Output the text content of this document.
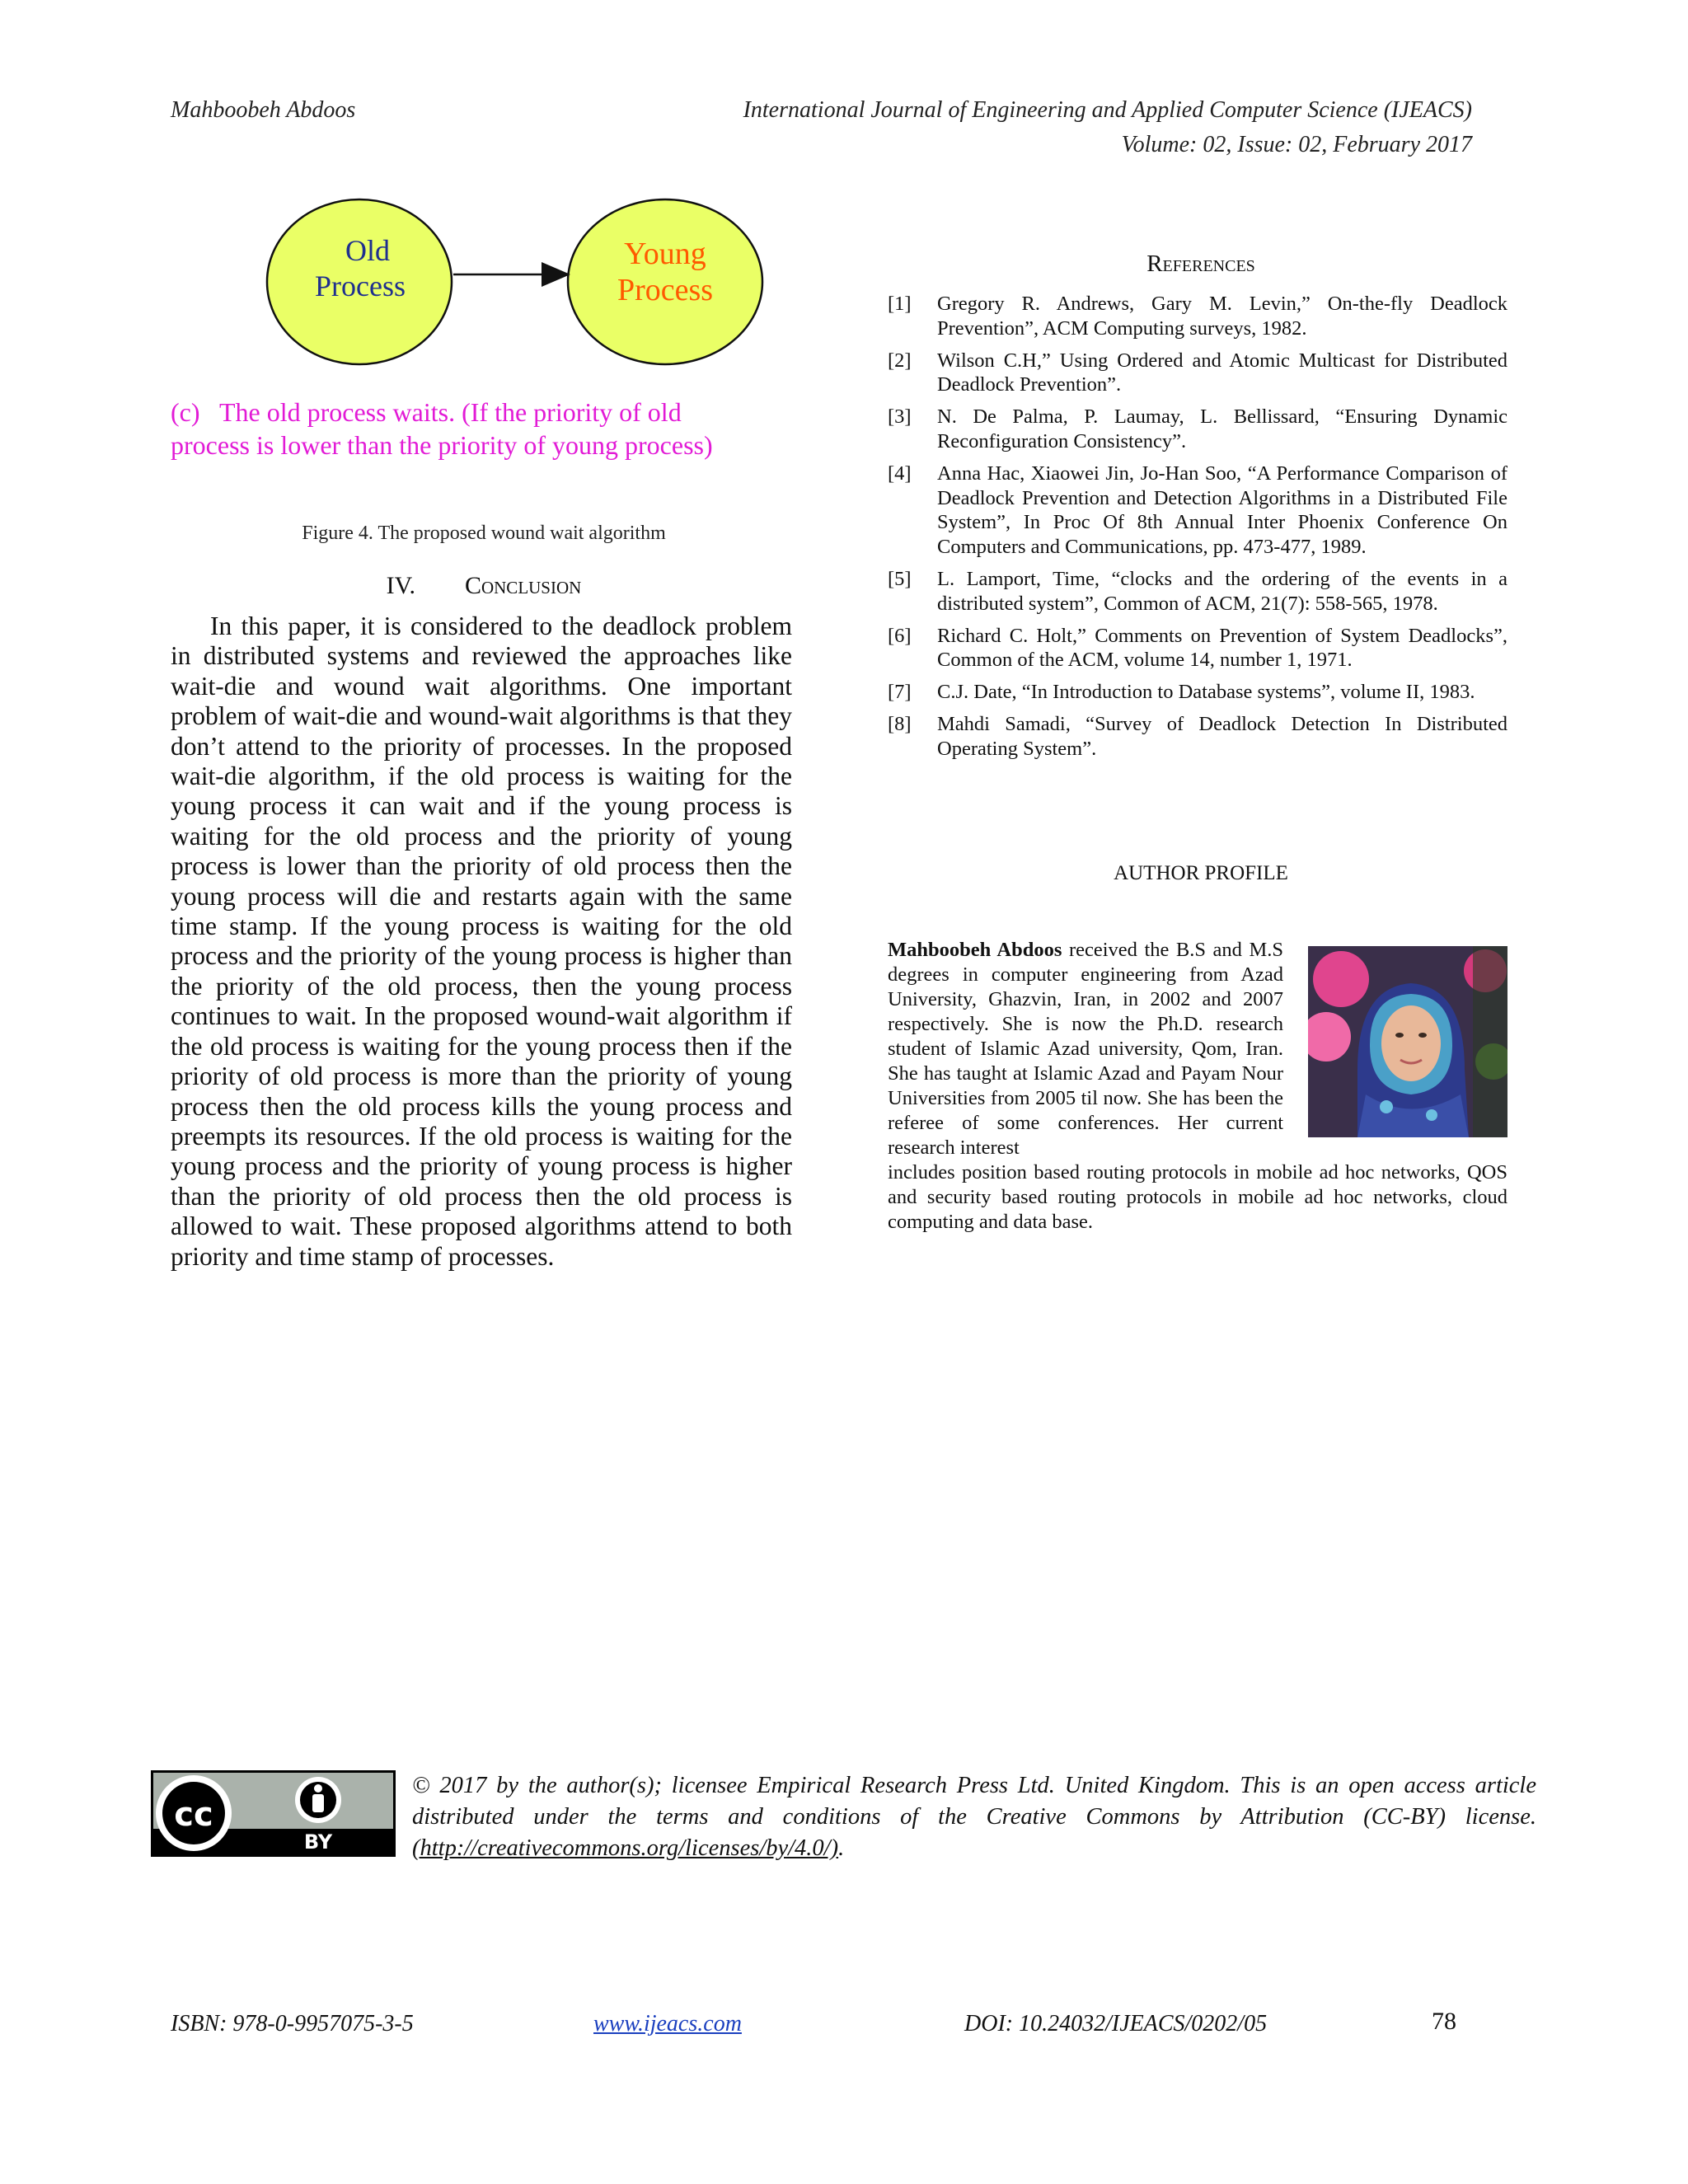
Mahboobeh Abdoos	International Journal of Engineering and Applied Computer Science (IJEACS)
Volume: 02, Issue: 02, February 2017
Old
Process
Young
Process
(c)   The old process waits. (If the priority of old
process is lower than the priority of young process)
Figure 4. The proposed wound wait algorithm
IV. Conclusion

In this paper, it is considered to the deadlock problem in distributed systems and reviewed the approaches like wait-die and wound wait algorithms. One important problem of wait-die and wound-wait algorithms is that they don’t attend to the priority of processes. In the proposed wait-die algorithm, if the old process is waiting for the young process it can wait and if the young process is waiting for the old process and the priority of young process is lower than the priority of old process then the young process will die and restarts again with the same time stamp. If the young process is waiting for the old process and the priority of the young process is higher than the priority of the old process, then the young process continues to wait. In the proposed wound-wait algorithm if the old process is waiting for the young process then if the priority of old process is more than the priority of young process then the old process kills the young process and preempts its resources. If the old process is waiting for the young process and the priority of young process is higher than the priority of old process then the old process is allowed to wait. These proposed algorithms attend to both priority and time stamp of processes.

References
[1] Gregory R. Andrews, Gary M. Levin,” On-the-fly Deadlock Prevention”, ACM Computing surveys, 1982.
[2] Wilson C.H,” Using Ordered and Atomic Multicast for Distributed Deadlock Prevention”.
[3] N. De Palma, P. Laumay, L. Bellissard, “Ensuring Dynamic Reconfiguration Consistency”.
[4] Anna Hac, Xiaowei Jin, Jo-Han Soo, “A Performance Comparison of Deadlock Prevention and Detection Algorithms in a Distributed File System”, In Proc Of 8th Annual Inter Phoenix Conference On Computers and Communications, pp. 473-477, 1989.
[5] L. Lamport, Time, “clocks and the ordering of the events in a distributed system”, Common of ACM, 21(7): 558-565, 1978.
[6] Richard C. Holt,” Comments on Prevention of System Deadlocks”, Common of the ACM, volume 14, number 1, 1971.
[7] C.J. Date, “In Introduction to Database systems”, volume II, 1983.
[8] Mahdi Samadi, “Survey of Deadlock Detection In Distributed Operating System”.
AUTHOR PROFILE

Mahboobeh Abdoos received the B.S and M.S degrees in computer engineering from Azad University, Ghazvin, Iran, in 2002 and 2007 respectively. She is now the Ph.D. research student of Islamic Azad university, Qom, Iran. She has taught at Islamic Azad and Payam Nour Universities from 2005 til now. She has been the referee of some conferences. Her current research interest

includes position based routing protocols in mobile ad hoc networks, QOS and security based routing protocols in mobile ad hoc networks, cloud computing and data base.

cc
BY

© 2017 by the author(s); licensee Empirical Research Press Ltd. United Kingdom. This is an open access article distributed under the terms and conditions of the Creative Commons by Attribution (CC-BY) license. (http://creativecommons.org/licenses/by/4.0/).

ISBN: 978-0-9957075-3-5	www.ijeacs.com	DOI: 10.24032/IJEACS/0202/05	78
